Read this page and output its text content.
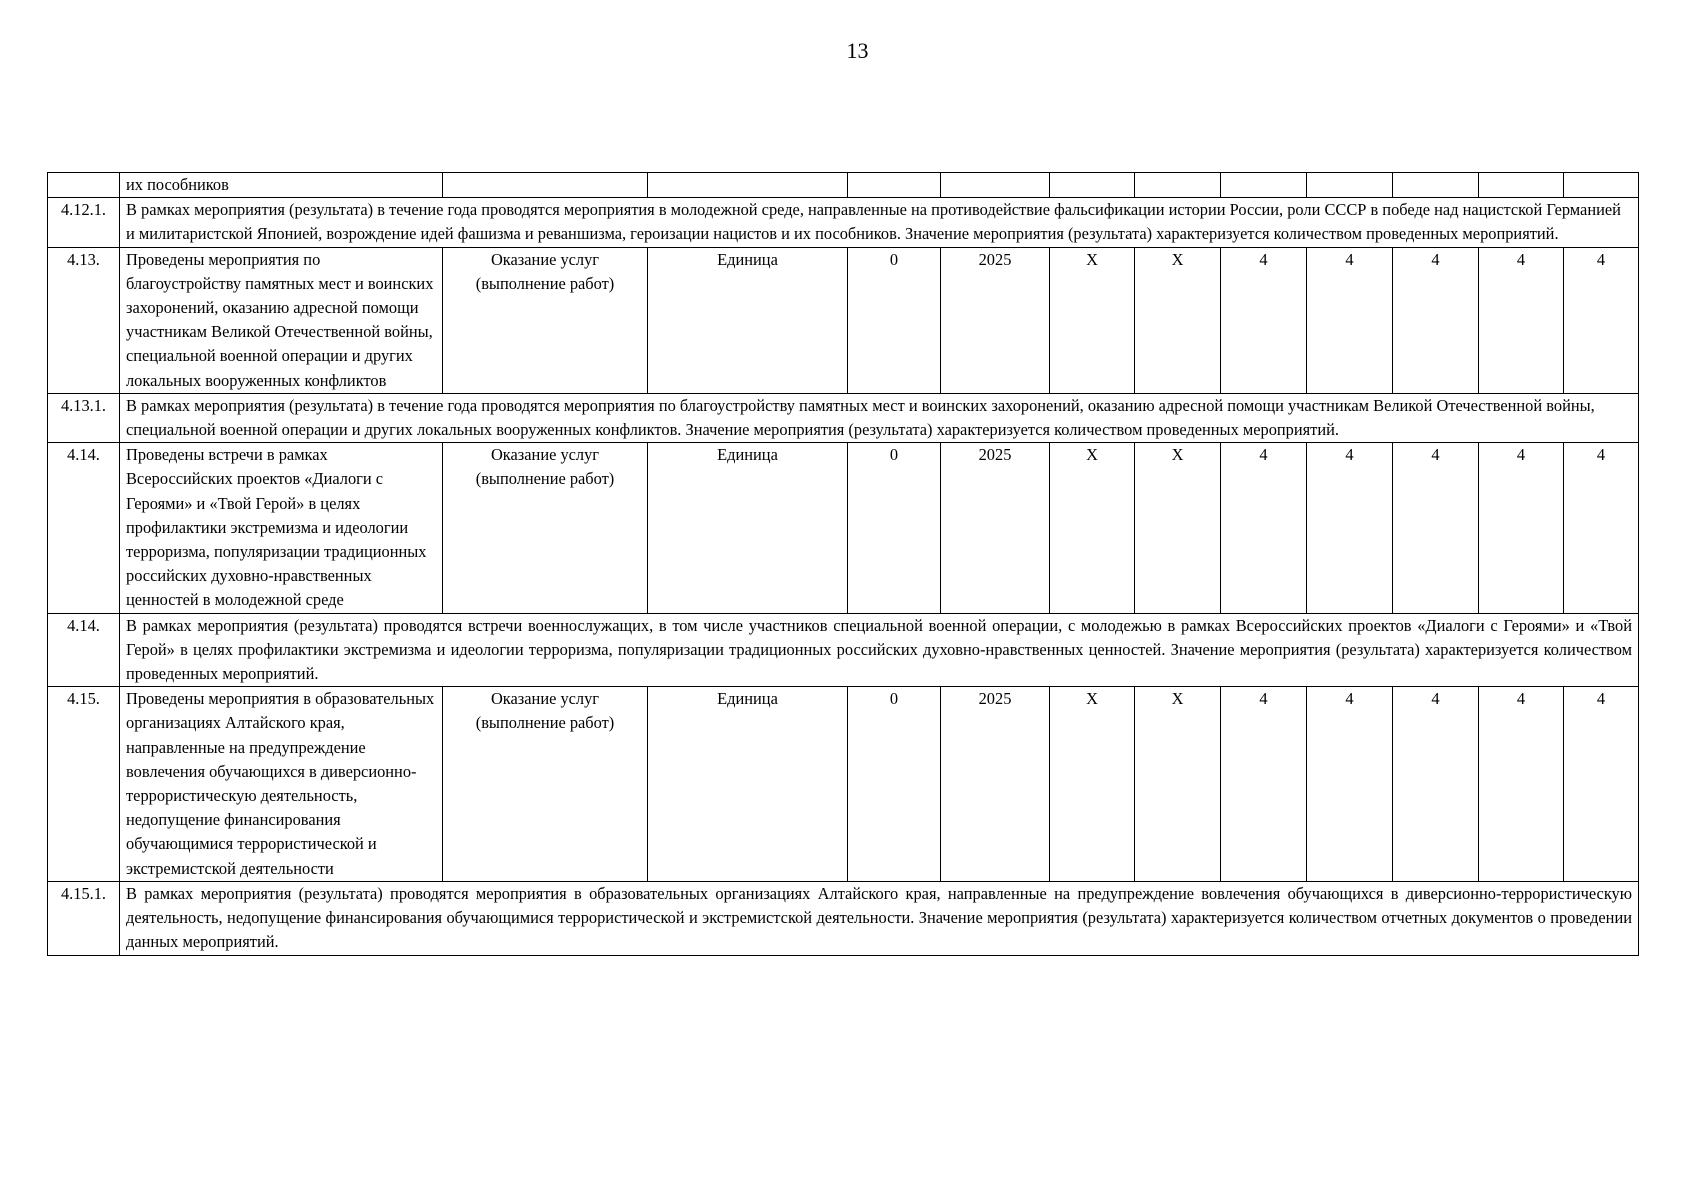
13
	их пособников											
4.12.1.	В рамках мероприятия (результата) в течение года проводятся мероприятия в молодежной среде, направленные на противодействие фальсификации истории России, роли СССР в победе над нацистской Германией и милитаристской Японией, возрождение идей фашизма и реваншизма, героизации нацистов и их пособников. Значение мероприятия (результата) характеризуется количеством проведенных мероприятий.											
4.13.	Проведены мероприятия по благоустройству памятных мест и воинских захоронений, оказанию адресной помощи участникам Великой Отечественной войны, специальной военной операции и других локальных вооруженных конфликтов	Оказание услуг (выполнение работ)	Единица	0	2025	X	X	4	4	4	4	4
4.13.1.	В рамках мероприятия (результата) в течение года проводятся мероприятия по благоустройству памятных мест и воинских захоронений, оказанию адресной помощи участникам Великой Отечественной войны, специальной военной операции и других локальных вооруженных конфликтов. Значение мероприятия (результата) характеризуется количеством проведенных мероприятий.											
4.14.	Проведены встречи в рамках Всероссийских проектов «Диалоги с Героями» и «Твой Герой» в целях профилактики экстремизма и идеологии терроризма, популяризации традиционных российских духовно-нравственных ценностей в молодежной среде	Оказание услуг (выполнение работ)	Единица	0	2025	X	X	4	4	4	4	4
4.14.	В рамках мероприятия (результата) проводятся встречи военнослужащих, в том числе участников специальной военной операции, с молодежью в рамках Всероссийских проектов «Диалоги с Героями» и «Твой Герой» в целях профилактики экстремизма и идеологии терроризма, популяризации традиционных российских духовно-нравственных ценностей. Значение мероприятия (результата) характеризуется количеством проведенных мероприятий.											
4.15.	Проведены мероприятия в образовательных организациях Алтайского края, направленные на предупреждение вовлечения обучающихся в диверсионно-террористическую деятельность, недопущение финансирования обучающимися террористической и экстремистской деятельности	Оказание услуг (выполнение работ)	Единица	0	2025	X	X	4	4	4	4	4
4.15.1.	В рамках мероприятия (результата) проводятся мероприятия в образовательных организациях Алтайского края, направленные на предупреждение вовлечения обучающихся в диверсионно-террористическую деятельность, недопущение финансирования обучающимися террористической и экстремистской деятельности. Значение мероприятия (результата) характеризуется количеством отчетных документов о проведении данных мероприятий.											
